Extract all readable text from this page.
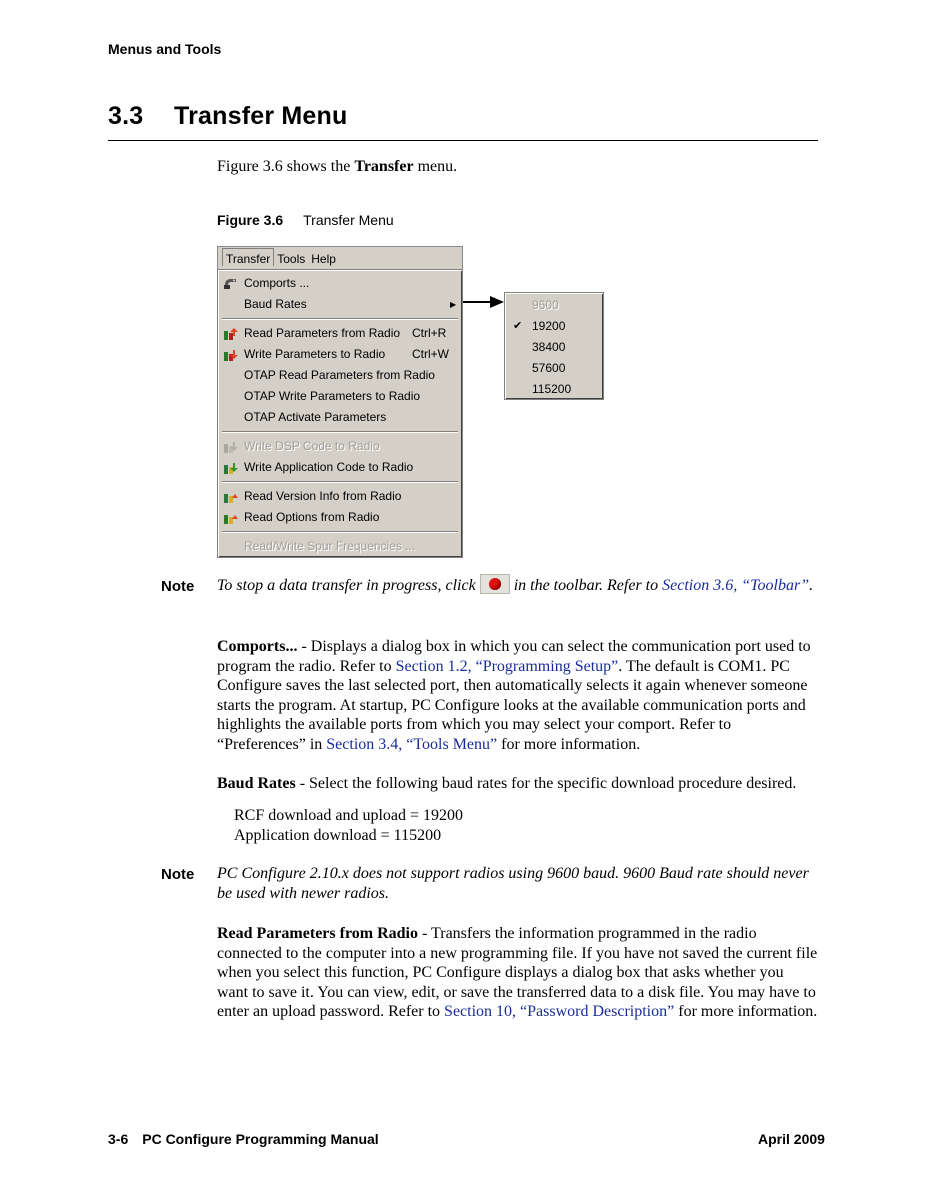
Menus and Tools
3.3 Transfer Menu
Figure 3.6 shows the Transfer menu.
Figure 3.6 Transfer Menu
Transfer Tools Help
Comports ...
Baud Rates	▶
Read Parameters from Radio Ctrl+R
Write Parameters to Radio Ctrl+W
OTAP Read Parameters from Radio
OTAP Write Parameters to Radio
OTAP Activate Parameters
Write DSP Code to Radio
Write Application Code to Radio
Read Version Info from Radio
Read Options from Radio
Read/Write Spur Frequencies ...
9600
✔ 19200
38400
57600
115200
Note To stop a data transfer in progress, click in the toolbar. Refer to Section 3.6, “Toolbar”.
Comports... - Displays a dialog box in which you can select the communication port used to program the radio. Refer to Section 1.2, “Programming Setup”. The default is COM1. PC Configure saves the last selected port, then automatically selects it again whenever someone starts the program. At startup, PC Configure looks at the available communication ports and highlights the available ports from which you may select your comport. Refer to “Preferences” in Section 3.4, “Tools Menu” for more information.
Baud Rates - Select the following baud rates for the specific download procedure desired.
RCF download and upload = 19200
Application download = 115200
Note PC Configure 2.10.x does not support radios using 9600 baud. 9600 Baud rate should never be used with newer radios.
Read Parameters from Radio - Transfers the information programmed in the radio connected to the computer into a new programming file. If you have not saved the current file when you select this function, PC Configure displays a dialog box that asks whether you want to save it. You can view, edit, or save the transferred data to a disk file. You may have to enter an upload password. Refer to Section 10, “Password Description” for more information.
3-6 PC Configure Programming Manual	April 2009
